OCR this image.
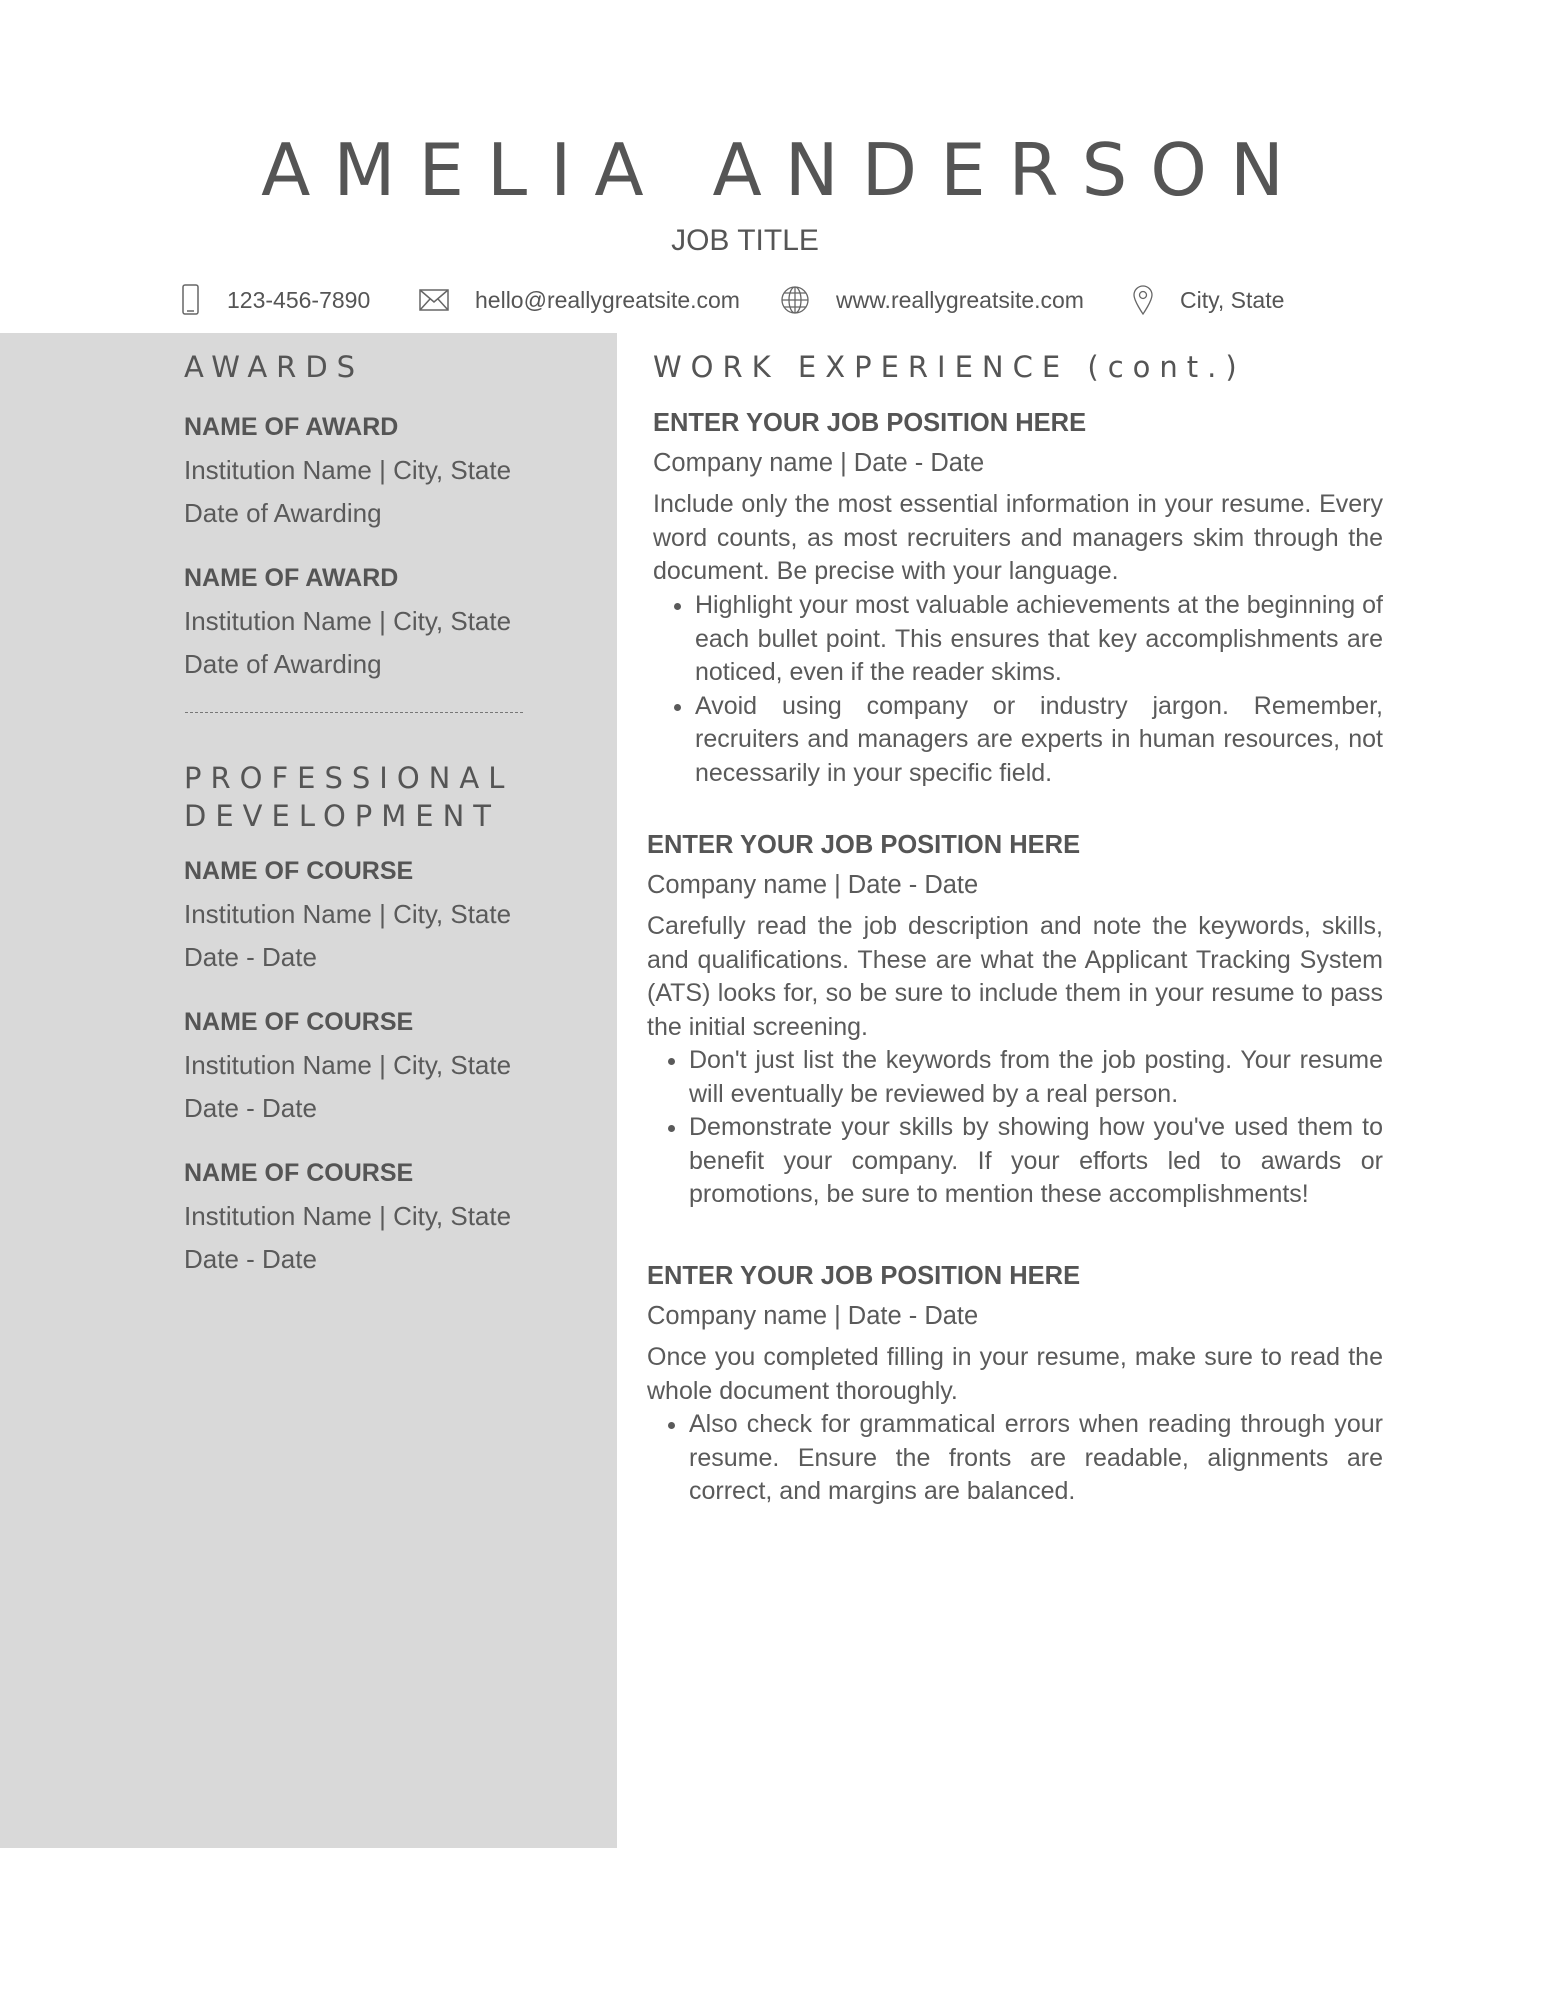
AMELIA ANDERSON
JOB TITLE
123-456-7890	hello@reallygreatsite.com	www.reallygreatsite.com	City, State
AWARDS
NAME OF AWARD
Institution Name | City, State
Date of Awarding
NAME OF AWARD
Institution Name | City, State
Date of Awarding
PROFESSIONAL
DEVELOPMENT
NAME OF COURSE
Institution Name | City, State
Date - Date
NAME OF COURSE
Institution Name | City, State
Date - Date
NAME OF COURSE
Institution Name | City, State
Date - Date
WORK EXPERIENCE (cont.)
ENTER YOUR JOB POSITION HERE
Company name | Date - Date

Include only the most essential information in your resume. Every word counts, as most recruiters and managers skim through the document. Be precise with your language.

• Highlight your most valuable achievements at the beginning of each bullet point. This ensures that key accomplishments are noticed, even if the reader skims.
• Avoid using company or industry jargon. Remember, recruiters and managers are experts in human resources, not necessarily in your specific field.
ENTER YOUR JOB POSITION HERE
Company name | Date - Date

Carefully read the job description and note the keywords, skills, and qualifications. These are what the Applicant Tracking System (ATS) looks for, so be sure to include them in your resume to pass the initial screening.

• Don't just list the keywords from the job posting. Your resume will eventually be reviewed by a real person.
• Demonstrate your skills by showing how you've used them to benefit your company. If your efforts led to awards or promotions, be sure to mention these accomplishments!
ENTER YOUR JOB POSITION HERE
Company name | Date - Date

Once you completed filling in your resume, make sure to read the whole document thoroughly.

• Also check for grammatical errors when reading through your resume. Ensure the fronts are readable, alignments are correct, and margins are balanced.
